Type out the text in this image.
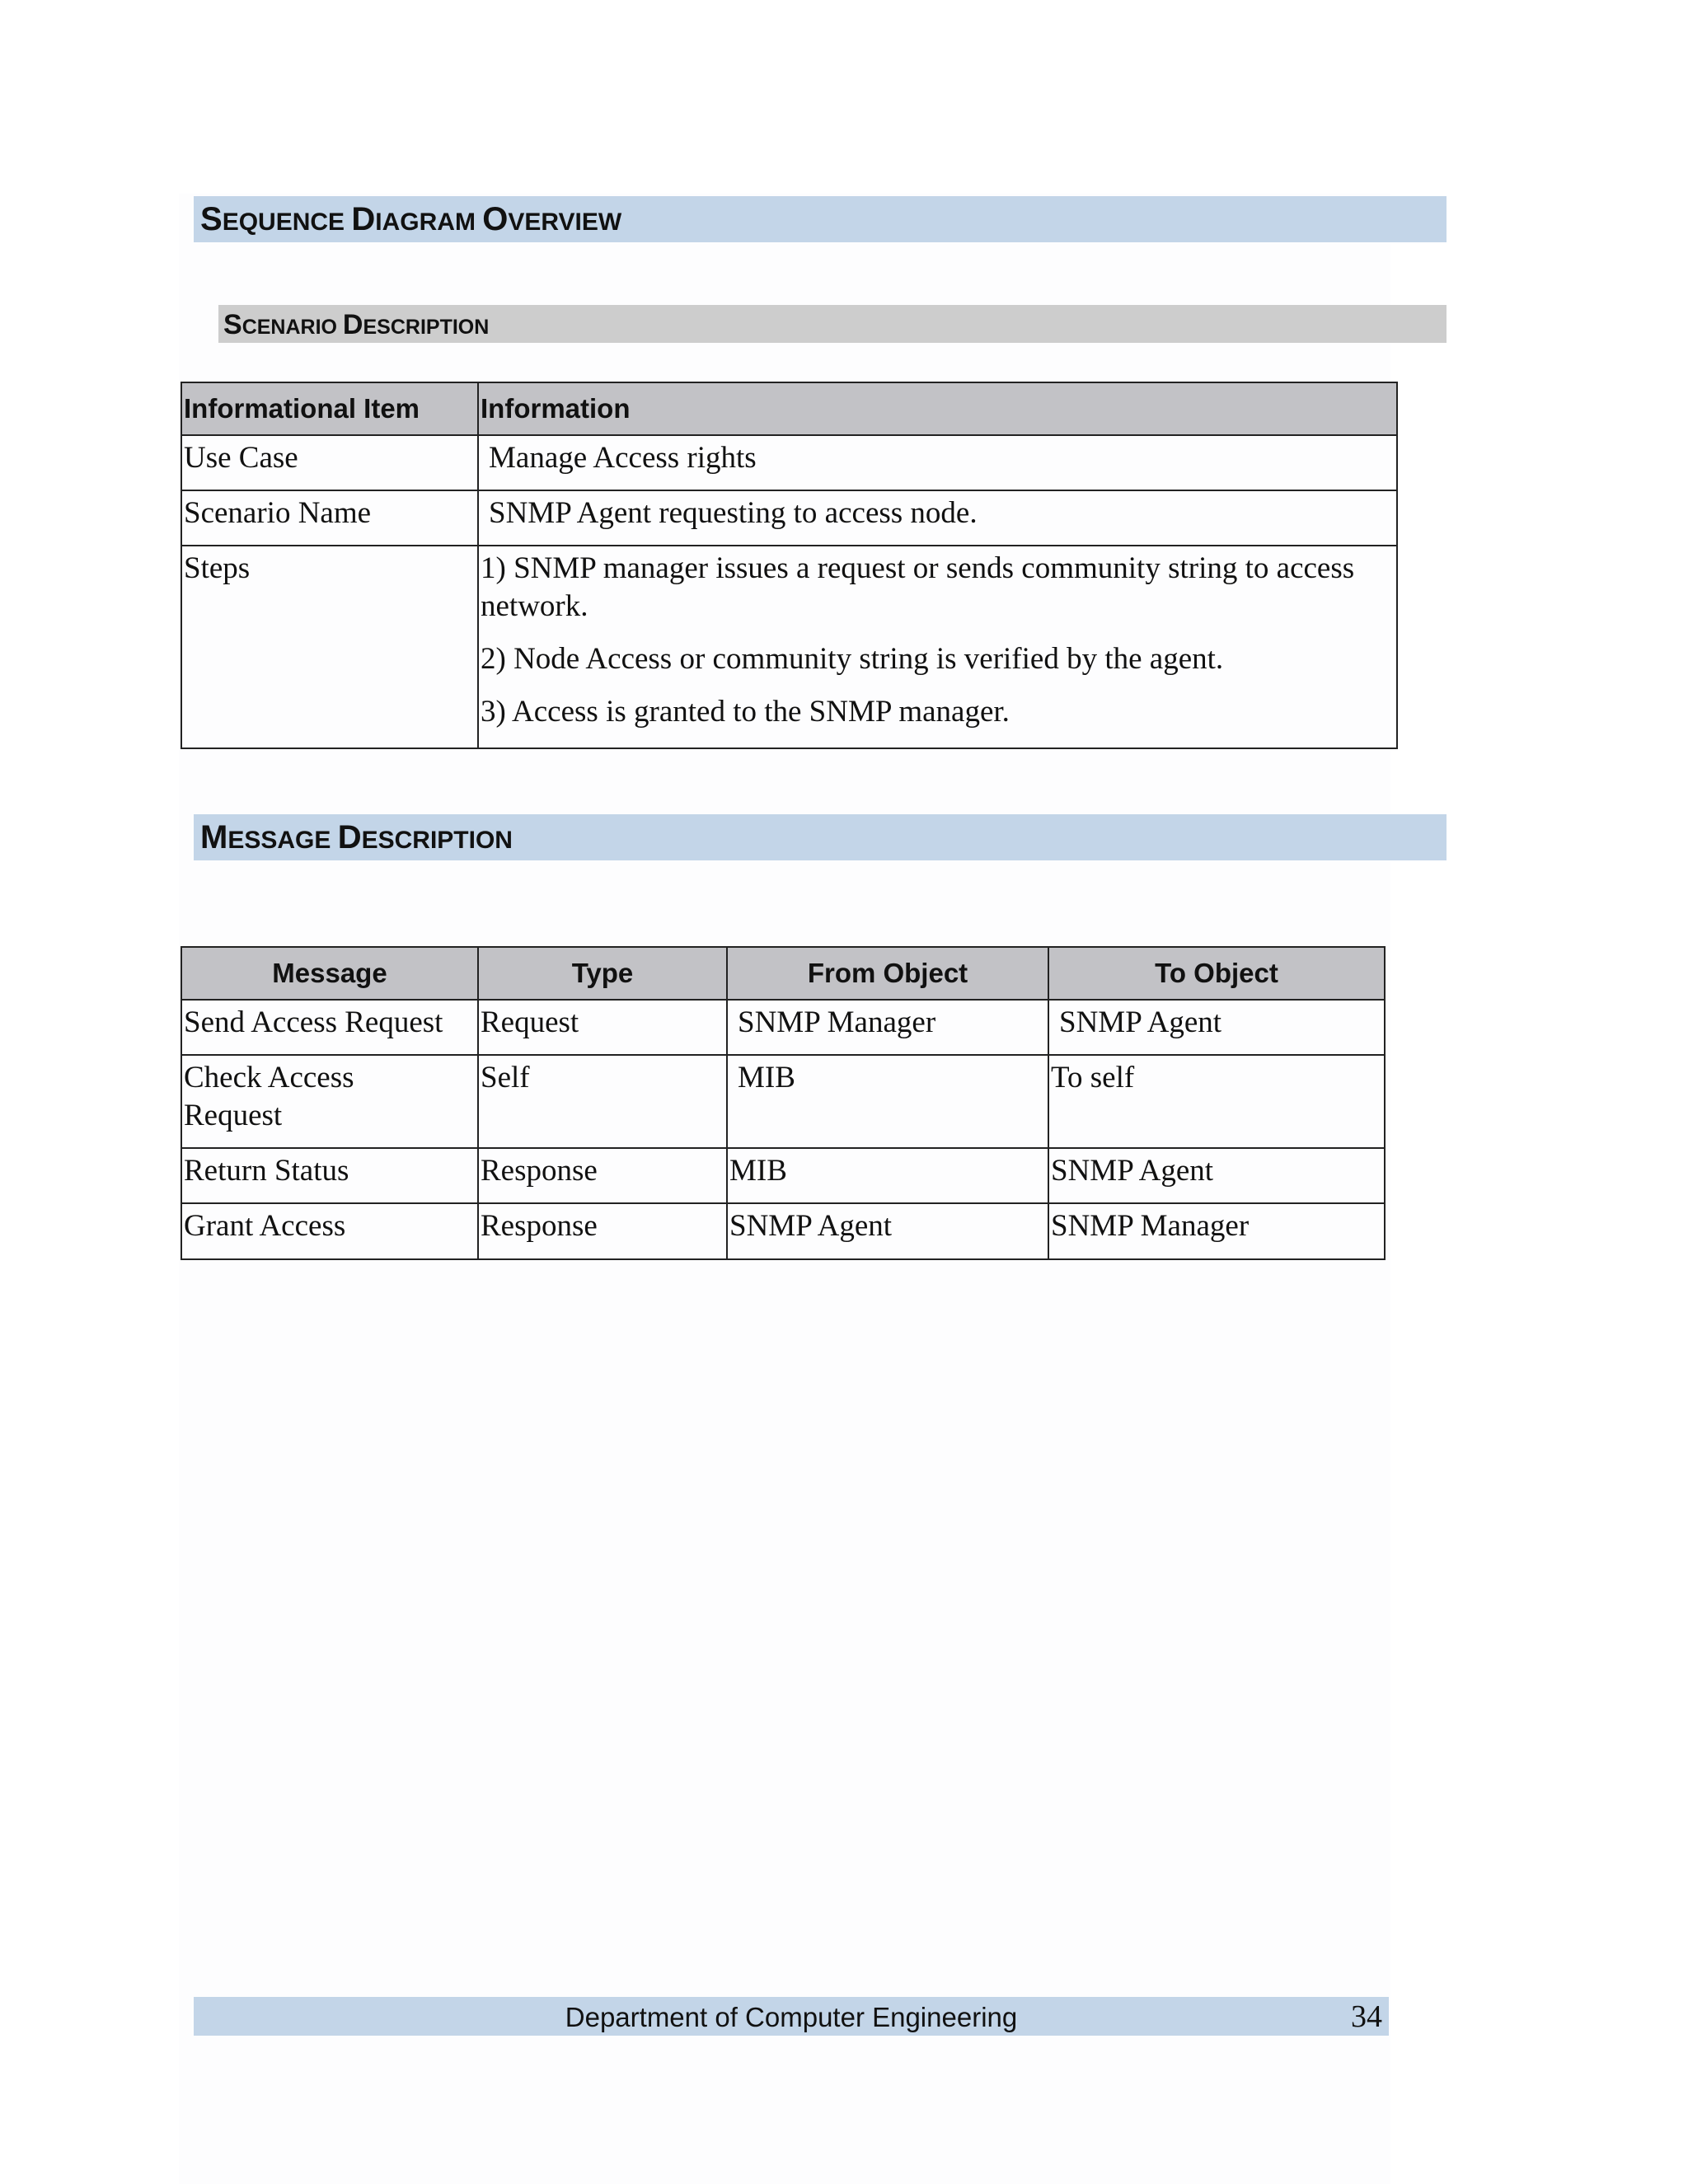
SEQUENCE DIAGRAM OVERVIEW
SCENARIO DESCRIPTION
Informational Item	Information
Use Case	Manage Access rights
Scenario Name	SNMP Agent requesting to access node.
Steps	1) SNMP manager issues a request or sends community string to access network.
2) Node Access or community string is verified by the agent.
3) Access is granted to the SNMP manager.
MESSAGE DESCRIPTION
Message	Type	From Object	To Object
Send Access Request	Request	SNMP Manager	SNMP Agent
Check Access Request	Self	MIB	To self
Return Status	Response	MIB	SNMP Agent
Grant Access	Response	SNMP Agent	SNMP Manager
Department of Computer Engineering	34
